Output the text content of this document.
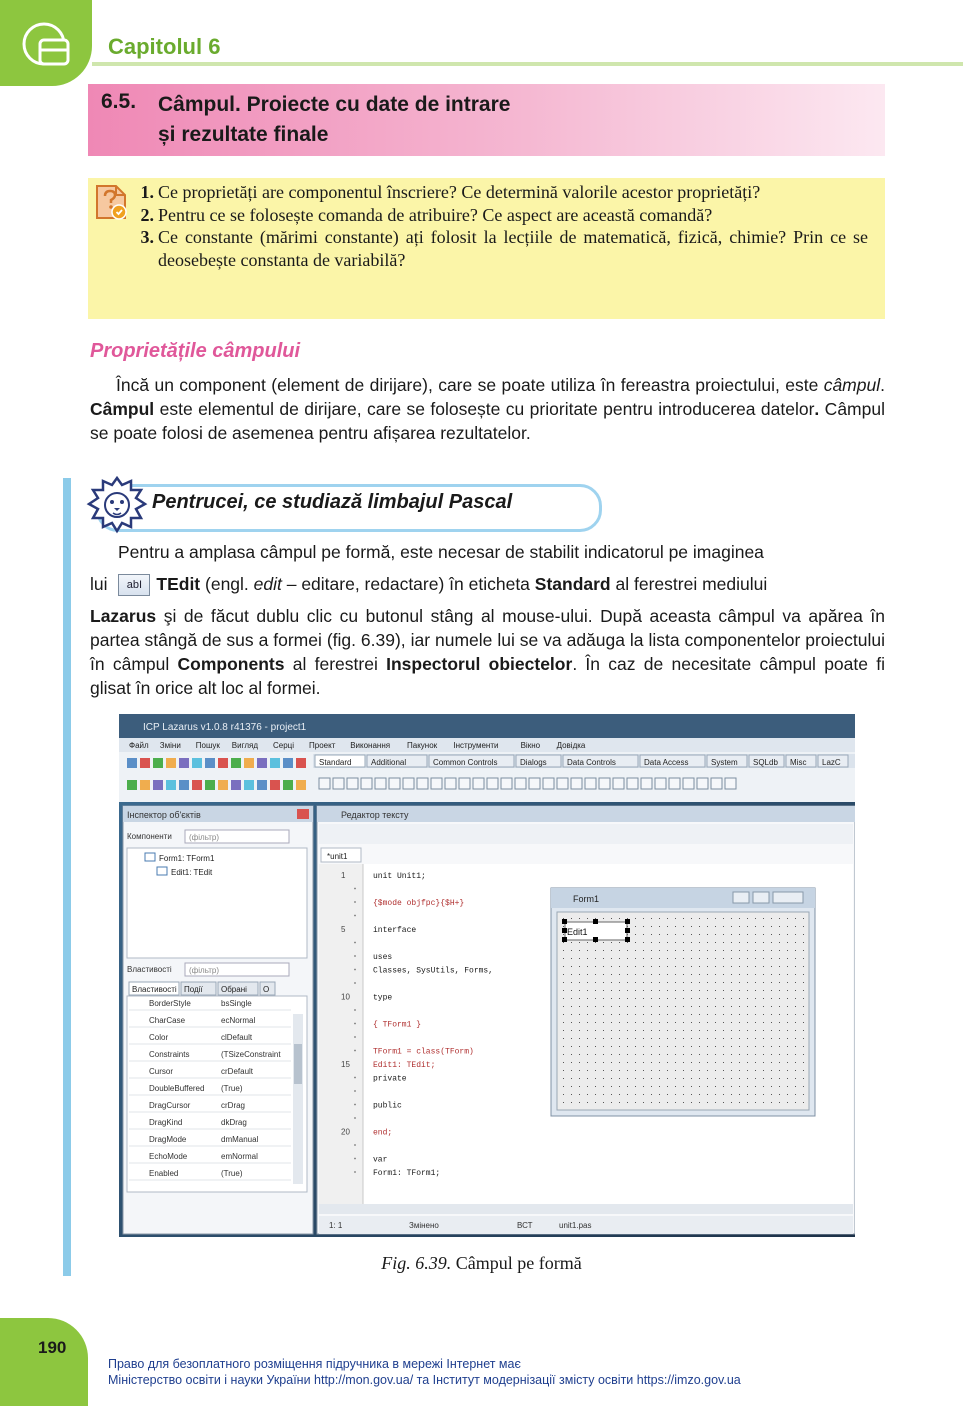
Capitolul 6
6.5. Câmpul. Proiecte cu date de intrare
și rezultate finale
1. Ce proprietăți are componentul înscriere? Ce determină valorile acestor proprietăți?
2. Pentru ce se folosește comanda de atribuire? Ce aspect are această comandă?
3. Ce constante (mărimi constante) ați folosit la lecțiile de matematică, fizică, chimie? Prin ce se deosebește constanta de variabilă?
Proprietățile câmpului
Încă un component (element de dirijare), care se poate utiliza în fereastra proiectului, este câmpul. Câmpul este elementul de dirijare, care se folosește cu prioritate pentru introducerea datelor. Câmpul se poate folosi de asemenea pentru afișarea rezultatelor.
Pentrucei, ce studiază limbajul Pascal
Pentru a amplasa câmpul pe formă, este necesar de stabilit indicatorul pe imaginea
lui abI TEdit (engl. edit – editare, redactare) în eticheta Standard al ferestrei mediului
Lazarus şi de făcut dublu clic cu butonul stâng al mouse-ului. După aceasta câmpul va apărea în partea stângă de sus a formei (fig. 6.39), iar numele lui se va adăuga la lista componentelor proiectului în câmpul Components al ferestrei Inspectorul obiectelor. În caz de necesitate câmpul poate fi glisat în orice alt loc al formei.
ICP Lazarus v1.0.8 r41376 - project1
Файл Зміни Пошук Вигляд Серці Проект Виконання Пакунок Інструменти	Вікно Довідка
Standard Additional	Common Controls	Dialogs	Data Controls	Data Access	System SQLdb Misc LazC
Інспектор об'єктів
Компоненти (фільтр)
Form1: TForm1
Edit1: TEdit
Властивості (фільтр)
Властивості Події Обрані О
BorderStyle	bsSingle
CharCase	ecNormal
Color	clDefault
Constraints	(TSizeConstraint
Cursor	crDefault
DoubleBuffered (True)
DragCursor	crDrag
DragKind	dkDrag
DragMode	dmManual
EchoMode	emNormal
Enabled	(True)
Редактор тексту
*unit1
1	unit Unit1;
{$mode objfpc}{$H+}
5	interface
uses
Classes, SysUtils, Forms,
10	type
{ TForm1 }
TForm1 = class(TForm)
15	Edit1: TEdit;
private
public
20	end;
var
Form1: TForm1;
1: 1	Змінено	ВСТ	unit1.pas
Form1
Edit1
Fig. 6.39. Câmpul pe formă
190
Право для безоплатного розміщення підручника в мережі Інтернет має
Міністерство освіти і науки України http://mon.gov.ua/ та Інститут модернізації змісту освіти https://imzo.gov.ua
